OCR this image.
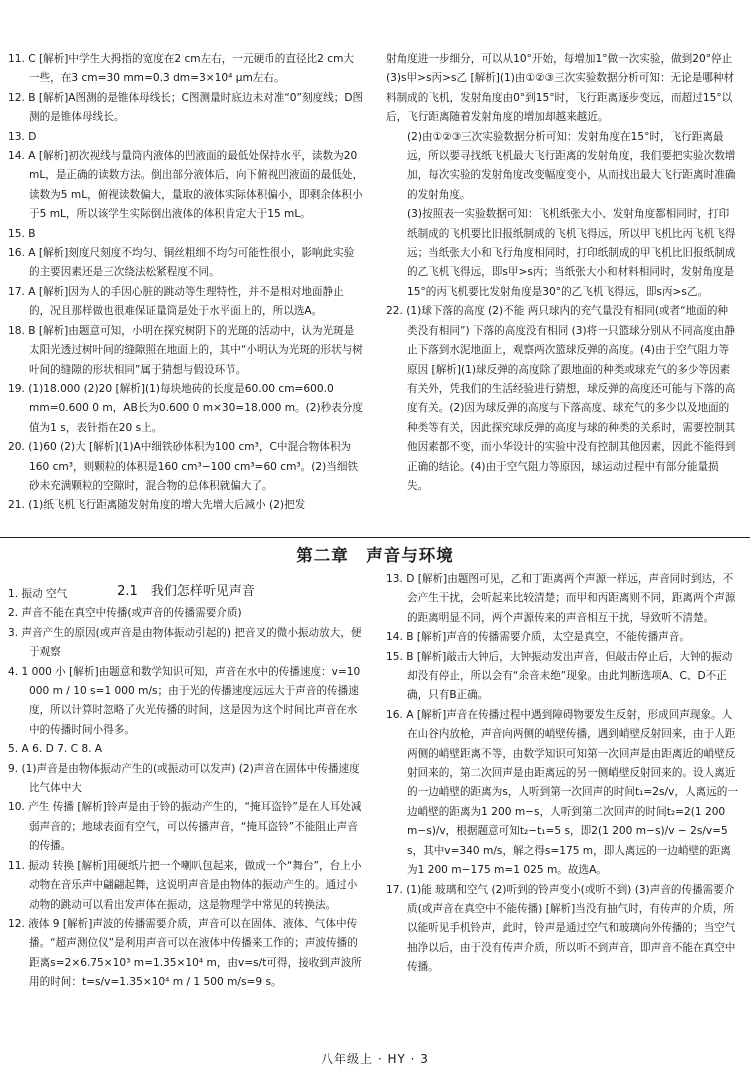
11. C [解析]中学生大拇指的宽度在2 cm左右，一元硬币的直径比2 cm大一些，在3 cm=30 mm=0.3 dm=3×10⁴ μm左右。

12. B [解析]A图测的是锥体母线长；C图测量时底边未对准“0”刻度线；D图测的是锥体母线长。

13. D

14. A [解析]初次视线与量筒内液体的凹液面的最低处保持水平，读数为20 mL，是正确的读数方法。倒出部分液体后，向下俯视凹液面的最低处，读数为5 mL，俯视读数偏大，量取的液体实际体积偏小，即剩余体积小于5 mL，所以该学生实际倒出液体的体积肯定大于15 mL。

15. B

16. A [解析]刻度尺刻度不均匀、铜丝粗细不均匀可能性很小，影响此实验的主要因素还是三次绕法松紧程度不同。

17. A [解析]因为人的手因心脏的跳动等生理特性，并不是相对地面静止的，况且那样做也很难保证量筒是处于水平面上的，所以选A。

18. B [解析]由题意可知，小明在探究树阴下的光斑的活动中，认为光斑是太阳光透过树叶间的缝隙照在地面上的，其中“小明认为光斑的形状与树叶间的缝隙的形状相同”属于猜想与假设环节。

19. (1)18.000 (2)20 [解析](1)每块地砖的长度是60.00 cm=600.0 mm=0.600 0 m，AB长为0.600 0 m×30=18.000 m。(2)秒表分度值为1 s，表针指在20 s上。

20. (1)60 (2)大 [解析](1)A中细铁砂体积为100 cm³，C中混合物体积为160 cm³，则颗粒的体积是160 cm³−100 cm³=60 cm³。(2)当细铁砂未充满颗粒的空隙时，混合物的总体积就偏大了。

21. (1)纸飞机飞行距离随发射角度的增大先增大后减小 (2)把发

射角度进一步细分，可以从10°开始，每增加1°做一次实验，做到20°停止 (3)s甲>s丙>s乙 [解析](1)由①②③三次实验数据分析可知：无论是哪种材料制成的飞机，发射角度由0°到15°时，飞行距离逐步变远，而超过15°以后，飞行距离随着发射角度的增加却越来越近。

(2)由①②③三次实验数据分析可知：发射角度在15°时，飞行距离最远，所以要寻找纸飞机最大飞行距离的发射角度，我们要把实验次数增加，每次实验的发射角度改变幅度变小，从而找出最大飞行距离时准确的发射角度。

(3)按照表一实验数据可知：飞机纸张大小、发射角度都相同时，打印纸制成的飞机要比旧报纸制成的飞机飞得远，所以甲飞机比丙飞机飞得远；当纸张大小和飞行角度相同时，打印纸制成的甲飞机比旧报纸制成的乙飞机飞得远，即s甲>s丙；当纸张大小和材料相同时，发射角度是15°的丙飞机要比发射角度是30°的乙飞机飞得远，即s丙>s乙。

22. (1)球下落的高度 (2)不能 两只球内的充气量没有相同(或者“地面的种类没有相同”) 下落的高度没有相同 (3)将一只篮球分别从不同高度由静止下落到水泥地面上，观察两次篮球反弹的高度。(4)由于空气阻力等原因 [解析](1)球反弹的高度除了跟地面的种类或球充气的多少等因素有关外，凭我们的生活经验进行猜想，球反弹的高度还可能与下落的高度有关。(2)因为球反弹的高度与下落高度、球充气的多少以及地面的种类等有关，因此探究球反弹的高度与球的种类的关系时，需要控制其他因素都不变，而小华设计的实验中没有控制其他因素，因此不能得到正确的结论。(4)由于空气阻力等原因，球运动过程中有部分能量损失。

第二章　声音与环境
2.1　我们怎样听见声音

1. 振动 空气

2. 声音不能在真空中传播(或声音的传播需要介质)

3. 声音产生的原因(或声音是由物体振动引起的) 把音叉的微小振动放大，便于观察

4. 1 000 小 [解析]由题意和数学知识可知，声音在水中的传播速度：v=10 000 m / 10 s=1 000 m/s；由于光的传播速度远远大于声音的传播速度，所以计算时忽略了火光传播的时间，这是因为这个时间比声音在水中的传播时间小得多。

5. A 6. D 7. C 8. A

9. (1)声音是由物体振动产生的(或振动可以发声) (2)声音在固体中传播速度比气体中大

10. 产生 传播 [解析]铃声是由于铃的振动产生的，“掩耳盗铃”是在人耳处减弱声音的；地球表面有空气，可以传播声音，“掩耳盗铃”不能阻止声音的传播。

11. 振动 转换 [解析]用硬纸片把一个喇叭包起来，做成一个“舞台”，台上小动物在音乐声中翩翩起舞，这说明声音是由物体的振动产生的。通过小动物的跳动可以看出发声体在振动，这是物理学中常见的转换法。

12. 液体 9 [解析]声波的传播需要介质，声音可以在固体、液体、气体中传播。“超声测位仪”是利用声音可以在液体中传播来工作的；声波传播的距离s=2×6.75×10³ m=1.35×10⁴ m，由v=s/t可得，接收到声波所用的时间：t=s/v=1.35×10⁴ m / 1 500 m/s=9 s。

13. D [解析]由题图可见，乙和丁距离两个声源一样远，声音同时到达，不会产生干扰，会听起来比较清楚；而甲和丙距离则不同，距离两个声源的距离明显不同，两个声源传来的声音相互干扰，导致听不清楚。

14. B [解析]声音的传播需要介质，太空是真空，不能传播声音。

15. B [解析]敲击大钟后，大钟振动发出声音，但敲击停止后，大钟的振动却没有停止，所以会有“余音未绝”现象。由此判断选项A、C、D不正确，只有B正确。

16. A [解析]声音在传播过程中遇到障碍物要发生反射，形成回声现象。人在山谷内放枪，声音向两侧的峭壁传播，遇到峭壁反射回来，由于人距两侧的峭壁距离不等，由数学知识可知第一次回声是由距离近的峭壁反射回来的，第二次回声是由距离远的另一侧峭壁反射回来的。设人离近的一边峭壁的距离为s，人听到第一次回声的时间t₁=2s/v，人离远的一边峭壁的距离为1 200 m−s，人听到第二次回声的时间t₂=2(1 200 m−s)/v，根据题意可知t₂−t₁=5 s，即2(1 200 m−s)/v − 2s/v=5 s，其中v=340 m/s，解之得s=175 m，即人离远的一边峭壁的距离为1 200 m−175 m=1 025 m。故选A。

17. (1)能 玻璃和空气 (2)听到的铃声变小(或听不到) (3)声音的传播需要介质(或声音在真空中不能传播) [解析]当没有抽气时，有传声的介质，所以能听见手机铃声，此时，铃声是通过空气和玻璃向外传播的；当空气抽净以后，由于没有传声介质，所以听不到声音，即声音不能在真空中传播。

八年级上 · HY · 3
